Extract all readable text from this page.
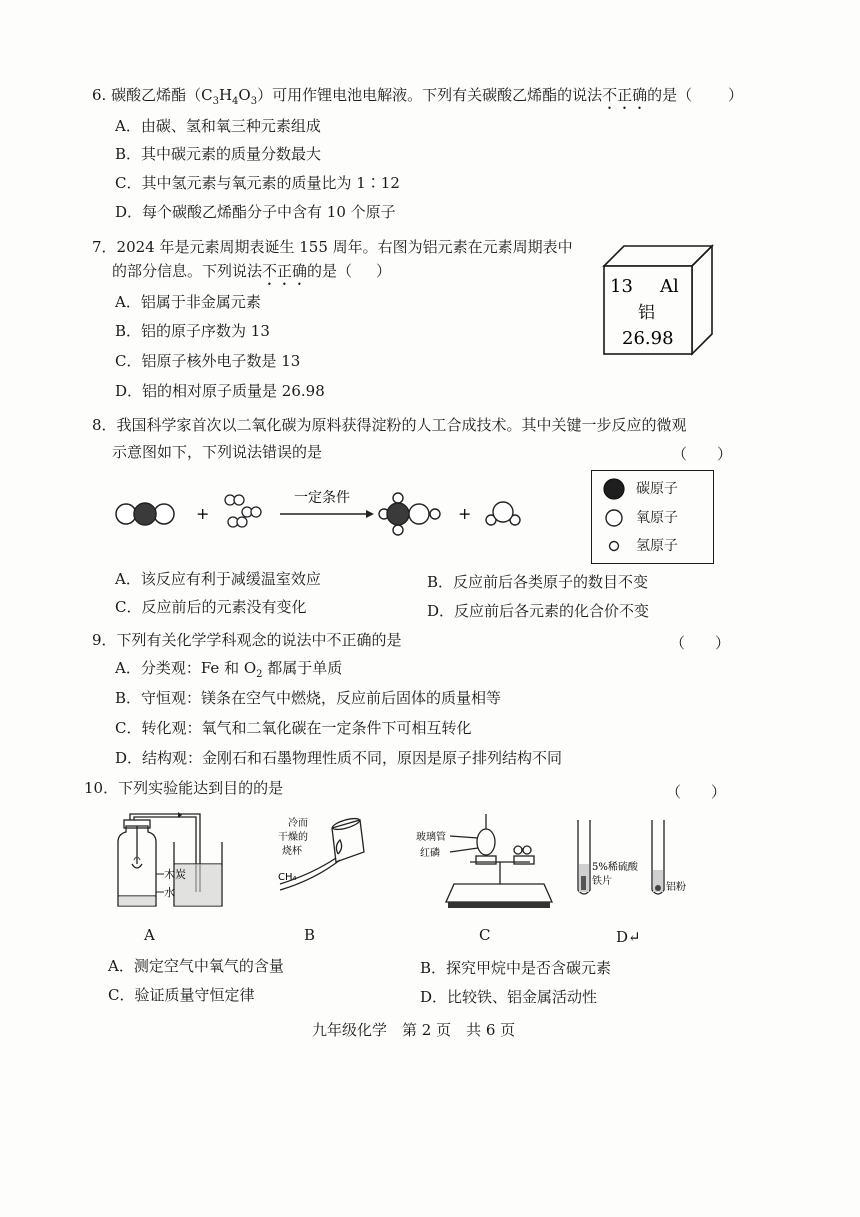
6. 碳酸乙烯酯$(C_3H_4O_3)$可用作锂电池电解液。下列有关碳酸乙烯酯的说法不正确的是（ ）
A．由碳、氢和氧三种元素组成
B．其中碳元素的质量分数最大
C．其中氢元素与氧元素的质量比为 1∶12
D．每个碳酸乙烯酯分子中含有 10 个原子
7．2024 年是元素周期表诞生 155 周年。右图为铝元素在元素周期表中
的部分信息。下列说法不正确的是（ ）
A．铝属于非金属元素
B．铝的原子序数为 13
C．铝原子核外电子数是 13
D．铝的相对原子质量是 26.98
13 Al
铝
26.98
8．我国科学家首次以二氧化碳为原料获得淀粉的人工合成技术。其中关键一步反应的微观
示意图如下，下列说法错误的是	（　　）
+
一定条件
+
碳原子
氧原子
氢原子
A．该反应有利于减缓温室效应	B．反应前后各类原子的数目不变
C．反应前后的元素没有变化	D．反应前后各元素的化合价不变
9．下列有关化学学科观念的说法中不正确的是	（　　）
A．分类观：Fe 和 $O_2$ 都属于单质
B．守恒观：镁条在空气中燃烧，反应前后固体的质量相等
C．转化观：氧气和二氧化碳在一定条件下可相互转化
D．结构观：金刚石和石墨物理性质不同，原因是原子排列结构不同
10．下列实验能达到目的的是	（　　）
木炭
水
A
冷而
干燥的
烧杯
CH₄
B
玻璃管
红磷
C
5%稀硫酸
铁片
铝粉
D↵
A．测定空气中氧气的含量	B．探究甲烷中是否含碳元素
C．验证质量守恒定律	D．比较铁、铝金属活动性
九年级化学　第 2 页　共 6 页
